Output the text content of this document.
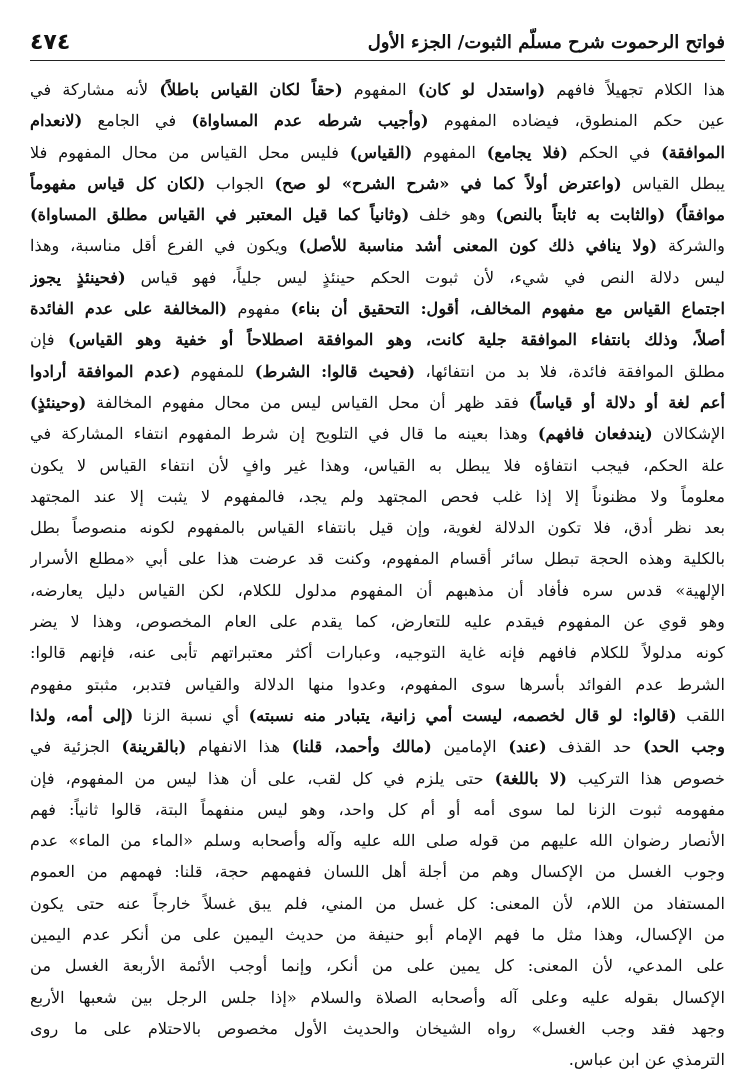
٤٧٤	فواتح الرحموت شرح مسلّم الثبوت/ الجزء الأول
هذا الكلام تجهيلاً فافهم (واستدل لو كان) المفهوم (حقاً لكان القياس باطلاً) لأنه مشاركة في
عين حكم المنطوق، فيضاده المفهوم (وأجيب شرطه عدم المساواة) في الجامع (لانعدام
الموافقة) في الحكم (فلا يجامع) المفهوم (القياس) فليس محل القياس من محال المفهوم فلا
يبطل القياس (واعترض أولاً كما في «شرح الشرح» لو صح) الجواب (لكان كل قياس مفهوماً
موافقاً) (والثابت به ثابتاً بالنص) وهو خلف (وثانياً كما قيل المعتبر في القياس مطلق المساواة)
والشركة (ولا ينافي ذلك كون المعنى أشد مناسبة للأصل) ويكون في الفرع أقل مناسبة، وهذا
ليس دلالة النص في شيء، لأن ثبوت الحكم حينئذٍ ليس جلياً، فهو قياس (فحينئذٍ يجوز
اجتماع القياس مع مفهوم المخالف، أقول: التحقيق أن بناء) مفهوم (المخالفة على عدم الفائدة
أصلاً، وذلك بانتفاء الموافقة جلية كانت، وهو الموافقة اصطلاحاً أو خفية وهو القياس) فإن
مطلق الموافقة فائدة، فلا بد من انتفائها، (فحيث قالوا: الشرط) للمفهوم (عدم الموافقة أرادوا
أعم لغة أو دلالة أو قياساً) فقد ظهر أن محل القياس ليس من محال مفهوم المخالفة (وحينئذٍ)
الإشكالان (يندفعان فافهم) وهذا بعينه ما قال في التلويح إن شرط المفهوم انتفاء المشاركة في
علة الحكم، فيجب انتفاؤه فلا يبطل به القياس، وهذا غير وافٍ لأن انتفاء القياس لا يكون
معلوماً ولا مظنوناً إلا إذا غلب فحص المجتهد ولم يجد، فالمفهوم لا يثبت إلا عند المجتهد
بعد نظر أدق، فلا تكون الدلالة لغوية، وإن قيل بانتفاء القياس بالمفهوم لكونه منصوصاً بطل
بالكلية وهذه الحجة تبطل سائر أقسام المفهوم، وكنت قد عرضت هذا على أبي «مطلع الأسرار
الإلهية» قدس سره فأفاد أن مذهبهم أن المفهوم مدلول للكلام، لكن القياس دليل يعارضه،
وهو قوي عن المفهوم فيقدم عليه للتعارض، كما يقدم على العام المخصوص، وهذا لا يضر
كونه مدلولاً للكلام فافهم فإنه غاية التوجيه، وعبارات أكثر معتبراتهم تأبى عنه، فإنهم قالوا:
الشرط عدم الفوائد بأسرها سوى المفهوم، وعدوا منها الدلالة والقياس فتدبر، مثبتو مفهوم
اللقب (قالوا: لو قال لخصمه، ليست أمي زانية، يتبادر منه نسبته) أي نسبة الزنا (إلى أمه، ولذا
وجب الحد) حد القذف (عند) الإمامين (مالك وأحمد، قلنا) هذا الانفهام (بالقرينة) الجزئية في
خصوص هذا التركيب (لا باللغة) حتى يلزم في كل لقب، على أن هذا ليس من المفهوم، فإن
مفهومه ثبوت الزنا لما سوى أمه أو أم كل واحد، وهو ليس منفهماً البتة، قالوا ثانياً: فهم
الأنصار رضوان الله عليهم من قوله صلى الله عليه وآله وأصحابه وسلم «الماء من الماء» عدم
وجوب الغسل من الإكسال وهم من أجلة أهل اللسان ففهمهم حجة، قلنا: فهمهم من العموم
المستفاد من اللام، لأن المعنى: كل غسل من المني، فلم يبق غسلاً خارجاً عنه حتى يكون
من الإكسال، وهذا مثل ما فهم الإمام أبو حنيفة من حديث اليمين على من أنكر عدم اليمين
على المدعي، لأن المعنى: كل يمين على من أنكر، وإنما أوجب الأئمة الأربعة الغسل من
الإكسال بقوله عليه وعلى آله وأصحابه الصلاة والسلام «إذا جلس الرجل بين شعبها الأربع
وجهد فقد وجب الغسل» رواه الشيخان والحديث الأول مخصوص بالاحتلام على ما روى
الترمذي عن ابن عباس.
